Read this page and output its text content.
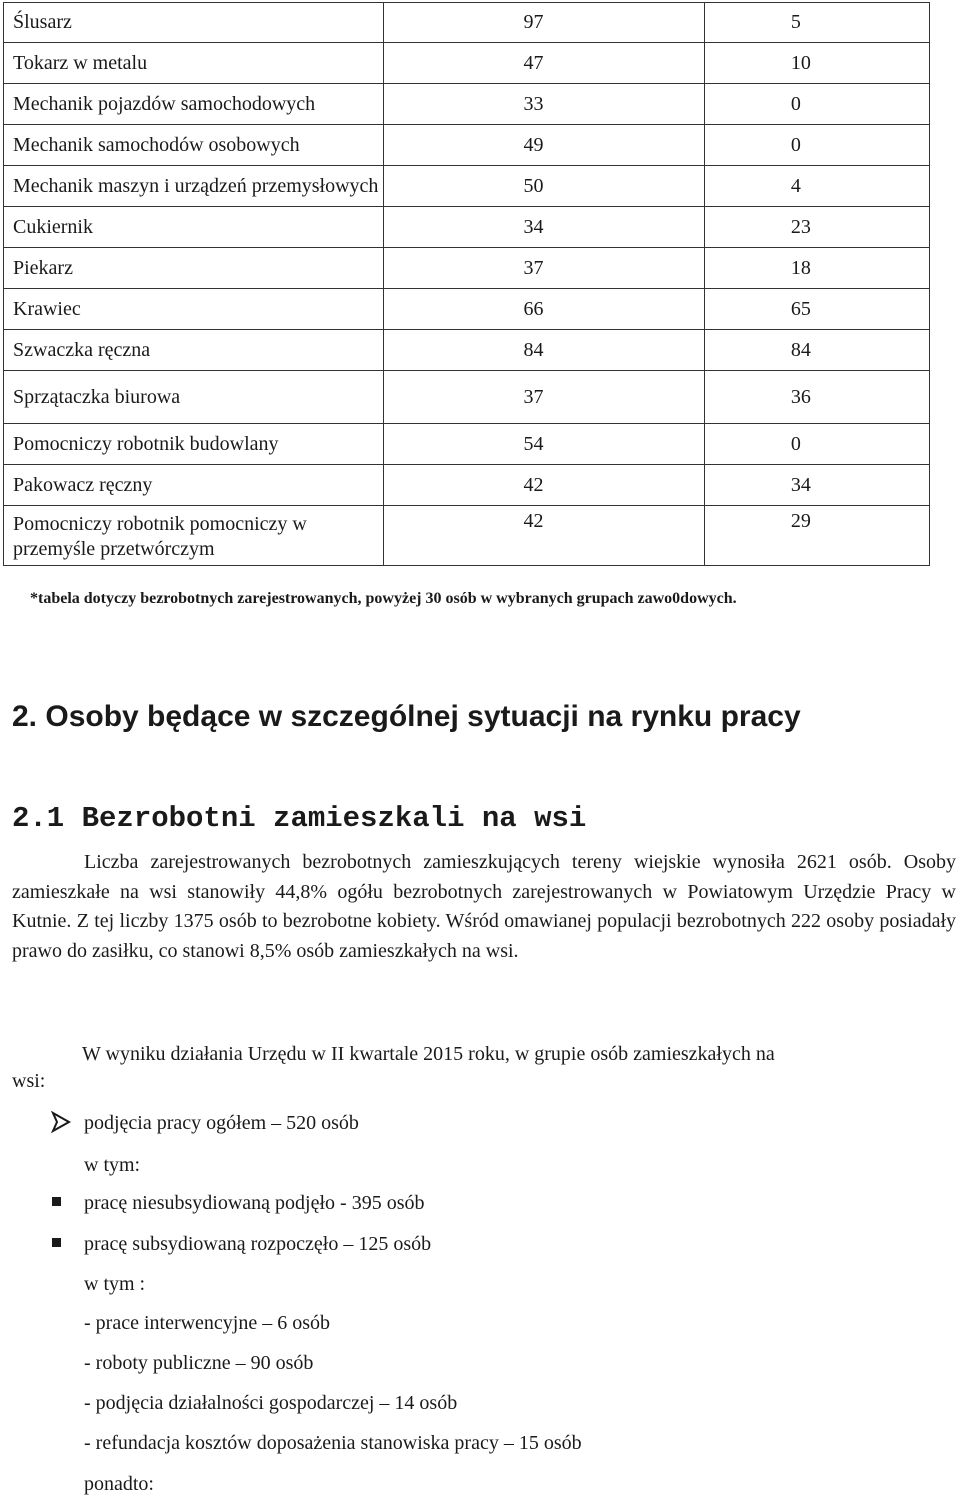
Ślusarz	97	5
Tokarz w metalu	47	10
Mechanik pojazdów samochodowych	33	0
Mechanik samochodów osobowych	49	0
Mechanik maszyn i urządzeń przemysłowych	50	4
Cukiernik	34	23
Piekarz	37	18
Krawiec	66	65
Szwaczka ręczna	84	84
Sprzątaczka biurowa	37	36
Pomocniczy robotnik budowlany	54	0
Pakowacz ręczny	42	34
Pomocniczy robotnik pomocniczy w przemyśle przetwórczym	42	29
*tabela dotyczy bezrobotnych zarejestrowanych, powyżej 30 osób w wybranych grupach zawo0dowych.
2. Osoby będące w szczególnej sytuacji na rynku pracy
2.1 Bezrobotni zamieszkali na wsi
Liczba zarejestrowanych bezrobotnych zamieszkujących tereny wiejskie wynosiła 2621 osób. Osoby zamieszkałe na wsi stanowiły 44,8% ogółu bezrobotnych zarejestrowanych w Powiatowym Urzędzie Pracy w Kutnie. Z tej liczby 1375 osób to bezrobotne kobiety. Wśród omawianej populacji bezrobotnych 222 osoby posiadały prawo do zasiłku, co stanowi 8,5% osób zamieszkałych na wsi.
W wyniku działania Urzędu w II kwartale 2015 roku, w grupie osób zamieszkałych na
wsi:
podjęcia pracy ogółem – 520 osób
w tym:
pracę niesubsydiowaną podjęło - 395 osób
pracę subsydiowaną rozpoczęło – 125 osób
w tym :
- prace interwencyjne – 6 osób
- roboty publiczne – 90 osób
- podjęcia działalności gospodarczej – 14 osób
- refundacja kosztów doposażenia stanowiska pracy – 15 osób
ponadto:
